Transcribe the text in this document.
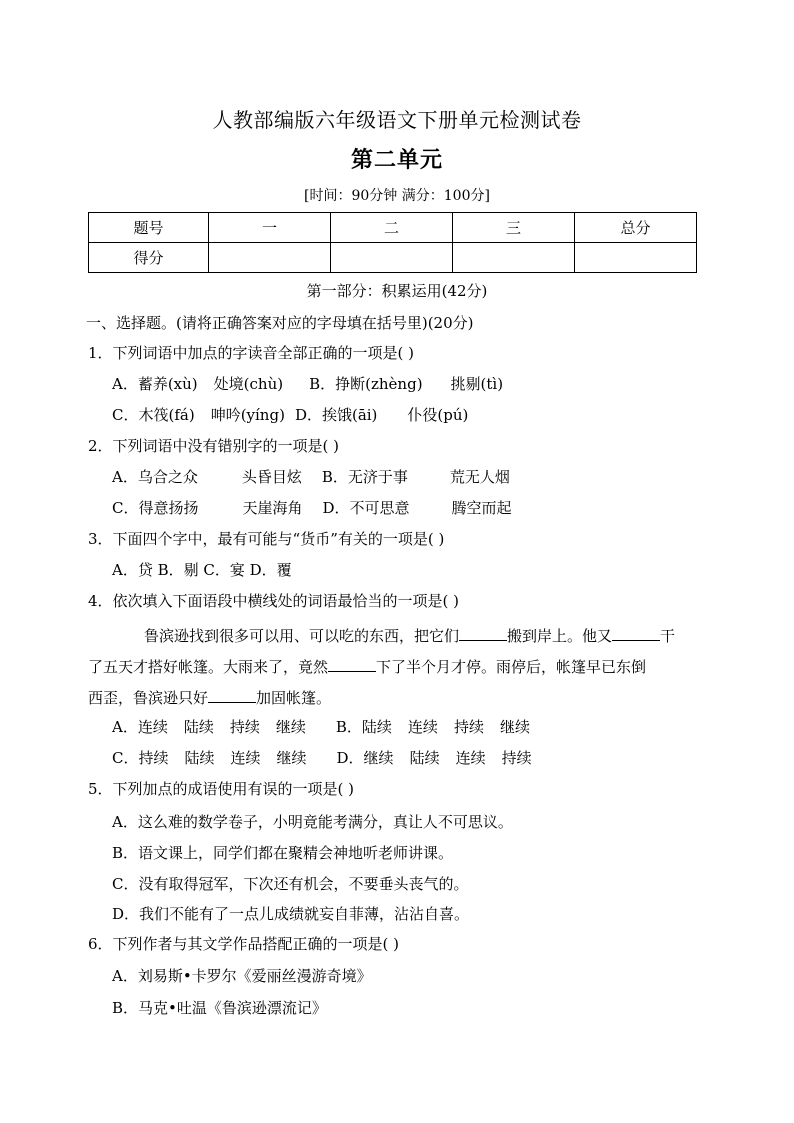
人教部编版六年级语文下册单元检测试卷
第二单元
[时间：90分钟 满分：100分]
题号	一	二	三	总分
得分				
第一部分：积累运用(42分)
一、选择题。(请将正确答案对应的字母填在括号里)(20分)
1．下列词语中加点的字读音全部正确的一项是( )
A．蓄养(xù) 处境(chù) B．挣断(zhèng) 挑剔(tì)
C．木筏(fá) 呻吟(yíng) D．挨饿(āi) 仆役(pú)
2．下列词语中没有错别字的一项是( )
A．乌合之众	头昏目炫 B．无济于事	荒无人烟
C．得意扬扬	天崖海角 D．不可思意	腾空而起
3．下面四个字中，最有可能与“货币”有关的一项是( )
A．贷 B．剔 C．宴 D．覆
4．依次填入下面语段中横线处的词语最恰当的一项是( )
鲁滨逊找到很多可以用、可以吃的东西，把它们	搬到岸上。他又	干
了五天才搭好帐篷。大雨来了，竟然	下了半个月才停。雨停后，帐篷早已东倒
西歪，鲁滨逊只好	加固帐篷。
A．连续 陆续 持续 继续 B．陆续 连续 持续 继续
C．持续 陆续 连续 继续 D．继续 陆续 连续 持续
5．下列加点的成语使用有误的一项是( )
A．这么难的数学卷子，小明竟能考满分，真让人不可思议。
B．语文课上，同学们都在聚精会神地听老师讲课。
C．没有取得冠军，下次还有机会，不要垂头丧气的。
D．我们不能有了一点儿成绩就妄自菲薄，沾沾自喜。
6．下列作者与其文学作品搭配正确的一项是( )
A．刘易斯•卡罗尔《爱丽丝漫游奇境》
B．马克•吐温《鲁滨逊漂流记》
